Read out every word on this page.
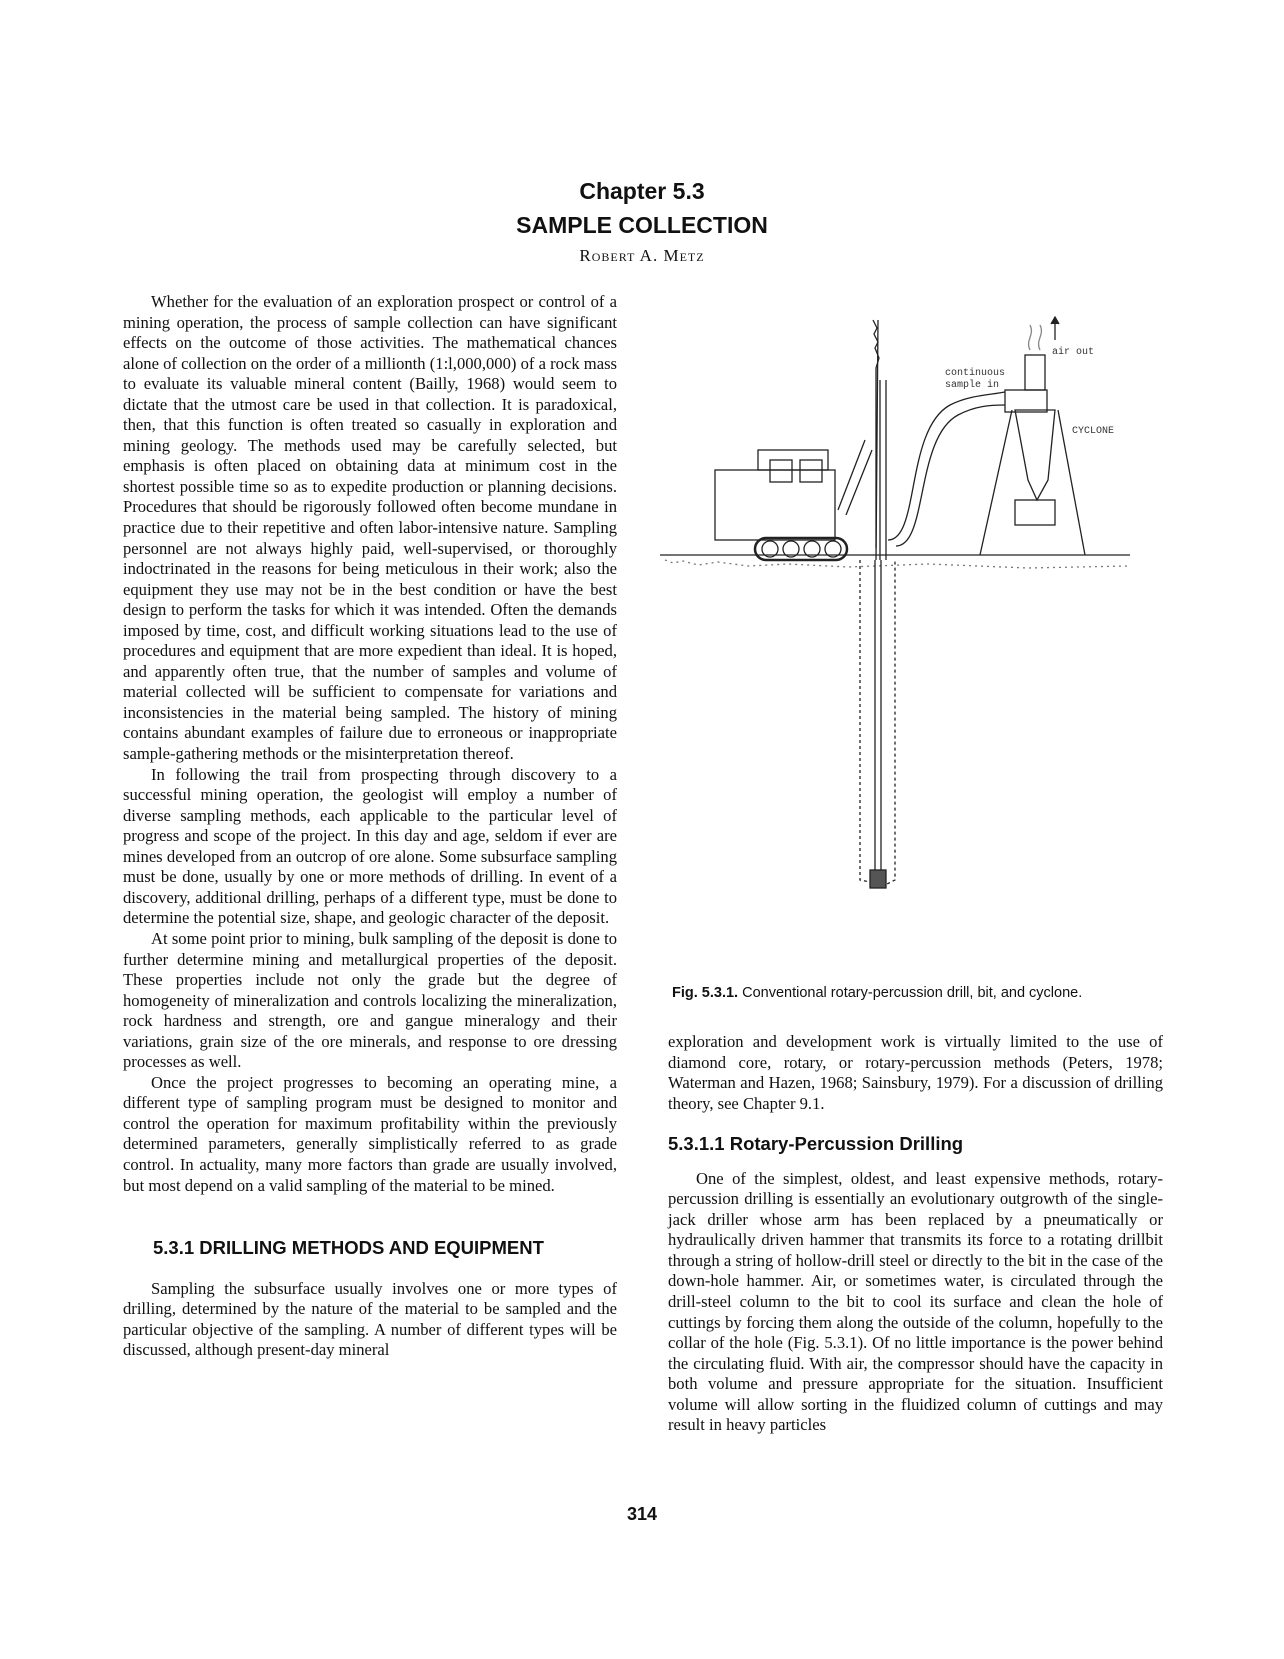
Chapter 5.3
SAMPLE COLLECTION
Robert A. Metz

Whether for the evaluation of an exploration prospect or control of a mining operation, the process of sample collection can have significant effects on the outcome of those activities. The mathematical chances alone of collection on the order of a millionth (1:l,000,000) of a rock mass to evaluate its valuable mineral content (Bailly, 1968) would seem to dictate that the utmost care be used in that collection. It is paradoxical, then, that this function is often treated so casually in exploration and mining geology. The methods used may be carefully selected, but emphasis is often placed on obtaining data at minimum cost in the shortest possible time so as to expedite production or planning decisions. Procedures that should be rigorously followed often become mundane in practice due to their repetitive and often labor-intensive nature. Sampling personnel are not always highly paid, well-supervised, or thoroughly indoctrinated in the reasons for being meticulous in their work; also the equipment they use may not be in the best condition or have the best design to perform the tasks for which it was intended. Often the demands imposed by time, cost, and difficult working situations lead to the use of procedures and equipment that are more expedient than ideal. It is hoped, and apparently often true, that the number of samples and volume of material collected will be sufficient to compensate for variations and inconsistencies in the material being sampled. The history of mining contains abundant examples of failure due to erroneous or inappropriate sample-gathering methods or the misinterpretation thereof.

In following the trail from prospecting through discovery to a successful mining operation, the geologist will employ a number of diverse sampling methods, each applicable to the particular level of progress and scope of the project. In this day and age, seldom if ever are mines developed from an outcrop of ore alone. Some subsurface sampling must be done, usually by one or more methods of drilling. In event of a discovery, additional drilling, perhaps of a different type, must be done to determine the potential size, shape, and geologic character of the deposit.

At some point prior to mining, bulk sampling of the deposit is done to further determine mining and metallurgical properties of the deposit. These properties include not only the grade but the degree of homogeneity of mineralization and controls localizing the mineralization, rock hardness and strength, ore and gangue mineralogy and their variations, grain size of the ore minerals, and response to ore dressing processes as well.

Once the project progresses to becoming an operating mine, a different type of sampling program must be designed to monitor and control the operation for maximum profitability within the previously determined parameters, generally simplistically referred to as grade control. In actuality, many more factors than grade are usually involved, but most depend on a valid sampling of the material to be mined.

5.3.1 DRILLING METHODS AND EQUIPMENT

Sampling the subsurface usually involves one or more types of drilling, determined by the nature of the material to be sampled and the particular objective of the sampling. A number of different types will be discussed, although present-day mineral

air out
continuous
sample in
CYCLONE
Fig. 5.3.1. Conventional rotary-percussion drill, bit, and cyclone.

exploration and development work is virtually limited to the use of diamond core, rotary, or rotary-percussion methods (Peters, 1978; Waterman and Hazen, 1968; Sainsbury, 1979). For a discussion of drilling theory, see Chapter 9.1.

5.3.1.1 Rotary-Percussion Drilling

One of the simplest, oldest, and least expensive methods, rotary-percussion drilling is essentially an evolutionary outgrowth of the single-jack driller whose arm has been replaced by a pneumatically or hydraulically driven hammer that transmits its force to a rotating drillbit through a string of hollow-drill steel or directly to the bit in the case of the down-hole hammer. Air, or sometimes water, is circulated through the drill-steel column to the bit to cool its surface and clean the hole of cuttings by forcing them along the outside of the column, hopefully to the collar of the hole (Fig. 5.3.1). Of no little importance is the power behind the circulating fluid. With air, the compressor should have the capacity in both volume and pressure appropriate for the situation. Insufficient volume will allow sorting in the fluidized column of cuttings and may result in heavy particles

314
